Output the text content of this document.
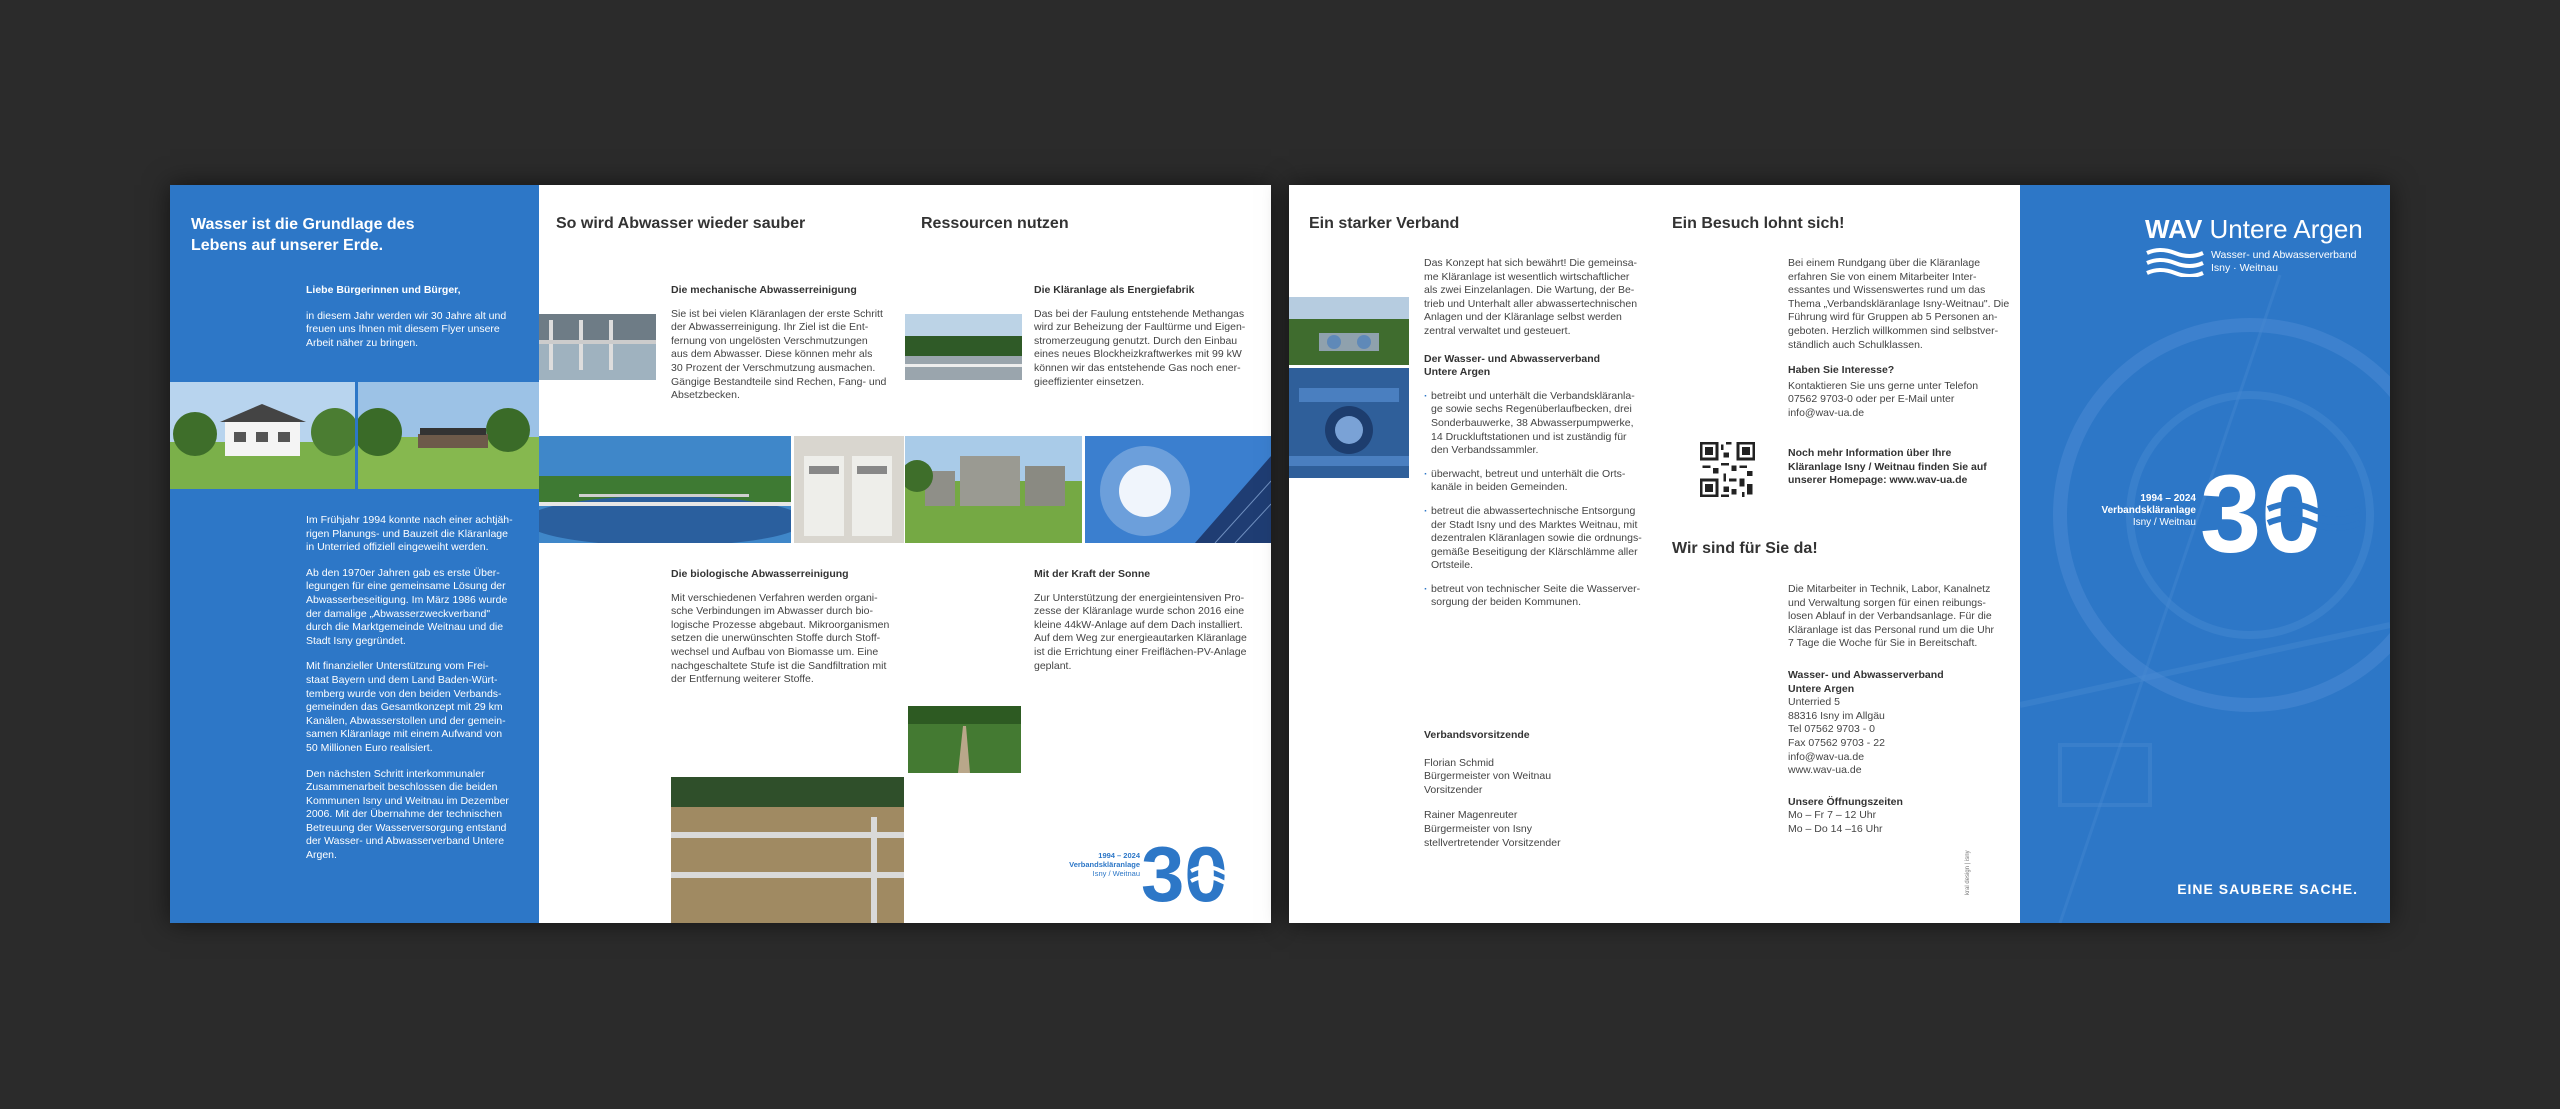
Wasser ist die Grundlage des
Lebens auf unserer Erde.

Liebe Bürgerinnen und Bürger,

in diesem Jahr werden wir 30 Jahre alt und
freuen uns Ihnen mit diesem Flyer unsere
Arbeit näher zu bringen.

Im Frühjahr 1994 konnte nach einer achtjäh-
rigen Planungs- und Bauzeit die Kläranlage
in Unterried offiziell eingeweiht werden.

Ab den 1970er Jahren gab es erste Über-
legungen für eine gemeinsame Lösung der
Abwasserbeseitigung. Im März 1986 wurde
der damalige „Abwasserzweckverband"
durch die Marktgemeinde Weitnau und die
Stadt Isny gegründet.

Mit finanzieller Unterstützung vom Frei-
staat Bayern und dem Land Baden-Würt-
temberg wurde von den beiden Verbands-
gemeinden das Gesamtkonzept mit 29 km
Kanälen, Abwasserstollen und der gemein-
samen Kläranlage mit einem Aufwand von
50 Millionen Euro realisiert.

Den nächsten Schritt interkommunaler
Zusammenarbeit beschlossen die beiden
Kommunen Isny und Weitnau im Dezember
2006. Mit der Übernahme der technischen
Betreuung der Wasserversorgung entstand
der Wasser- und Abwasserverband Untere
Argen.

So wird Abwasser wieder sauber

Die mechanische Abwasserreinigung

Sie ist bei vielen Kläranlagen der erste Schritt
der Abwasserreinigung. Ihr Ziel ist die Ent-
fernung von ungelösten Verschmutzungen
aus dem Abwasser. Diese können mehr als
30 Prozent der Verschmutzung ausmachen.
Gängige Bestandteile sind Rechen, Fang- und
Absetzbecken.

Die biologische Abwasserreinigung

Mit verschiedenen Verfahren werden organi-
sche Verbindungen im Abwasser durch bio-
logische Prozesse abgebaut. Mikroorganismen
setzen die unerwünschten Stoffe durch Stoff-
wechsel und Aufbau von Biomasse um. Eine
nachgeschaltete Stufe ist die Sandfiltration mit
der Entfernung weiterer Stoffe.

Ressourcen nutzen

Die Kläranlage als Energiefabrik

Das bei der Faulung entstehende Methangas
wird zur Beheizung der Faultürme und Eigen-
stromerzeugung genutzt. Durch den Einbau
eines neues Blockheizkraftwerkes mit 99 kW
können wir das entstehende Gas noch ener-
gieeffizienter einsetzen.

Mit der Kraft der Sonne

Zur Unterstützung der energieintensiven Pro-
zesse der Kläranlage wurde schon 2016 eine
kleine 44kW-Anlage auf dem Dach installiert.
Auf dem Weg zur energieautarken Kläranlage
ist die Errichtung einer Freiflächen-PV-Anlage
geplant.

1994 – 2024
Verbandskläranlage
Isny / Weitnau 30
Ein starker Verband

Das Konzept hat sich bewährt! Die gemeinsa-
me Kläranlage ist wesentlich wirtschaftlicher
als zwei Einzelanlagen. Die Wartung, der Be-
trieb und Unterhalt aller abwassertechnischen
Anlagen und der Kläranlage selbst werden
zentral verwaltet und gesteuert.

Der Wasser- und Abwasserverband
Untere Argen

· betreibt und unterhält die Verbandskläranla-
ge sowie sechs Regenüberlaufbecken, drei
Sonderbauwerke, 38 Abwasserpumpwerke,
14 Druckluftstationen und ist zuständig für
den Verbandssammler.
· überwacht, betreut und unterhält die Orts-
kanäle in beiden Gemeinden.
· betreut die abwassertechnische Entsorgung
der Stadt Isny und des Marktes Weitnau, mit
dezentralen Kläranlagen sowie die ordnungs-
gemäße Beseitigung der Klärschlämme aller
Ortsteile.
· betreut von technischer Seite die Wasserver-
sorgung der beiden Kommunen.

Verbandsvorsitzende

Florian Schmid
Bürgermeister von Weitnau
Vorsitzender

Rainer Magenreuter
Bürgermeister von Isny
stellvertretender Vorsitzender

Ein Besuch lohnt sich!

Bei einem Rundgang über die Kläranlage
erfahren Sie von einem Mitarbeiter Inter-
essantes und Wissenswertes rund um das
Thema „Verbandskläranlage Isny-Weitnau". Die
Führung wird für Gruppen ab 5 Personen an-
geboten. Herzlich willkommen sind selbstver-
ständlich auch Schulklassen.

Haben Sie Interesse?

Kontaktieren Sie uns gerne unter Telefon
07562 9703-0 oder per E-Mail unter
info@wav-ua.de

Noch mehr Information über Ihre
Kläranlage Isny / Weitnau finden Sie auf
unserer Homepage: www.wav-ua.de

Wir sind für Sie da!

Die Mitarbeiter in Technik, Labor, Kanalnetz
und Verwaltung sorgen für einen reibungs-
losen Ablauf in der Verbandsanlage. Für die
Kläranlage ist das Personal rund um die Uhr
7 Tage die Woche für Sie in Bereitschaft.

Wasser- und Abwasserverband
Untere Argen

Unterried 5
88316 Isny im Allgäu
Tel 07562 9703 - 0
Fax 07562 9703 - 22
info@wav-ua.de
www.wav-ua.de

Unsere Öffnungszeiten

Mo – Fr 7 – 12 Uhr
Mo – Do 14 –16 Uhr
kral design | isny
WAV Untere Argen
Wasser- und Abwasserverband
Isny · Weitnau
1994 – 2024
Verbandskläranlage
Isny / Weitnau 30
EINE SAUBERE SACHE.
